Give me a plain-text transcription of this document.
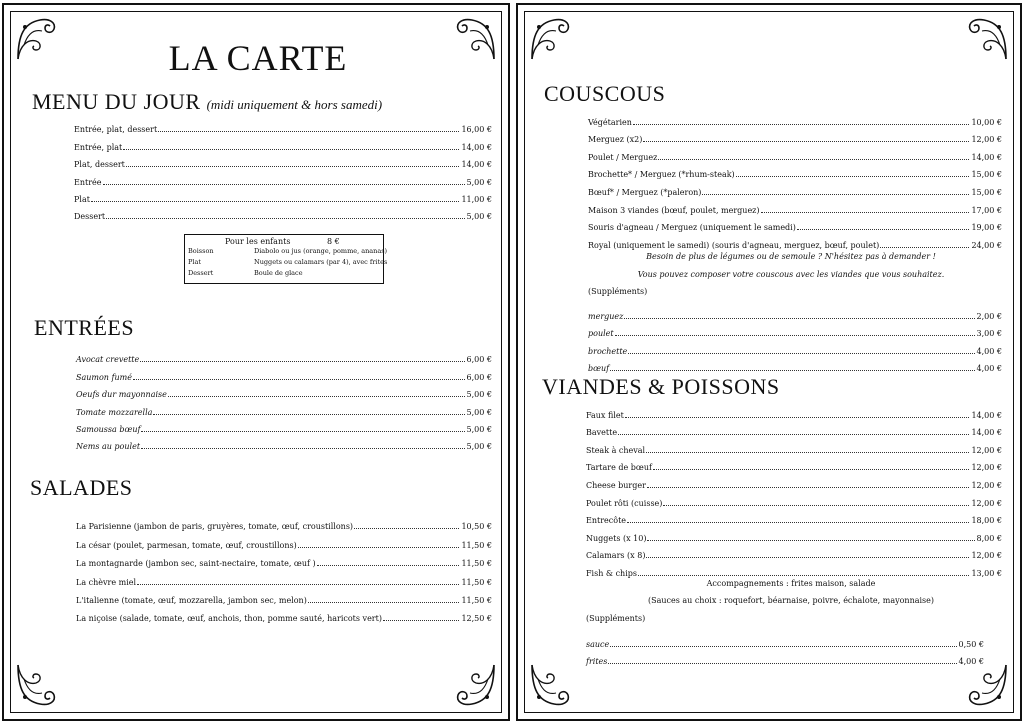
LA CARTE
MENU DU JOUR (midi uniquement & hors samedi)
Entrée, plat, dessert	16,00 €
Entrée, plat	14,00 €
Plat, dessert	14,00 €
Entrée	5,00 €
Plat	11,00 €
Dessert	5,00 €
Pour les enfants	8 €
Boisson	Diabolo ou jus (orange, pomme, ananas)
Plat	Nuggets ou calamars (par 4), avec frites
Dessert	Boule de glace
ENTRÉES
Avocat crevette	6,00 €
Saumon fumé	6,00 €
Oeufs dur mayonnaise	5,00 €
Tomate mozzarella	5,00 €
Samoussa bœuf	5,00 €
Nems au poulet	5,00 €
SALADES
La Parisienne (jambon de paris, gruyères, tomate, œuf, croustillons)	10,50 €
La césar (poulet, parmesan, tomate, œuf, croustillons)	11,50 €
La montagnarde (jambon sec, saint-nectaire, tomate, œuf )	11,50 €
La chèvre miel	11,50 €
L'italienne (tomate, œuf, mozzarella, jambon sec, melon)	11,50 €
La niçoise (salade, tomate, œuf, anchois, thon, pomme sauté, haricots vert)	12,50 €
COUSCOUS
Végétarien	10,00 €
Merguez (x2)	12,00 €
Poulet / Merguez	14,00 €
Brochette* / Merguez (*rhum-steak)	15,00 €
Bœuf* / Merguez (*paleron)	15,00 €
Maison 3 viandes (bœuf, poulet, merguez)	17,00 €
Souris d'agneau / Merguez (uniquement le samedi)	19,00 €
Royal (uniquement le samedi) (souris d'agneau, merguez, bœuf, poulet)	24,00 €
Besoin de plus de légumes ou de semoule ? N'hésitez pas à demander !
Vous pouvez composer votre couscous avec les viandes que vous souhaitez.
(Suppléments)
merguez	2,00 €
poulet	3,00 €
brochette	4,00 €
bœuf	4,00 €
VIANDES & POISSONS
Faux filet	14,00 €
Bavette	14,00 €
Steak à cheval	12,00 €
Tartare de bœuf	12,00 €
Cheese burger	12,00 €
Poulet rôti (cuisse)	12,00 €
Entrecôte	18,00 €
Nuggets (x 10)	8,00 €
Calamars (x 8)	12,00 €
Fish & chips	13,00 €
Accompagnements : frites maison, salade
(Sauces au choix : roquefort, béarnaise, poivre, échalote, mayonnaise)
(Suppléments)
sauce	0,50 €
frites	4,00 €
